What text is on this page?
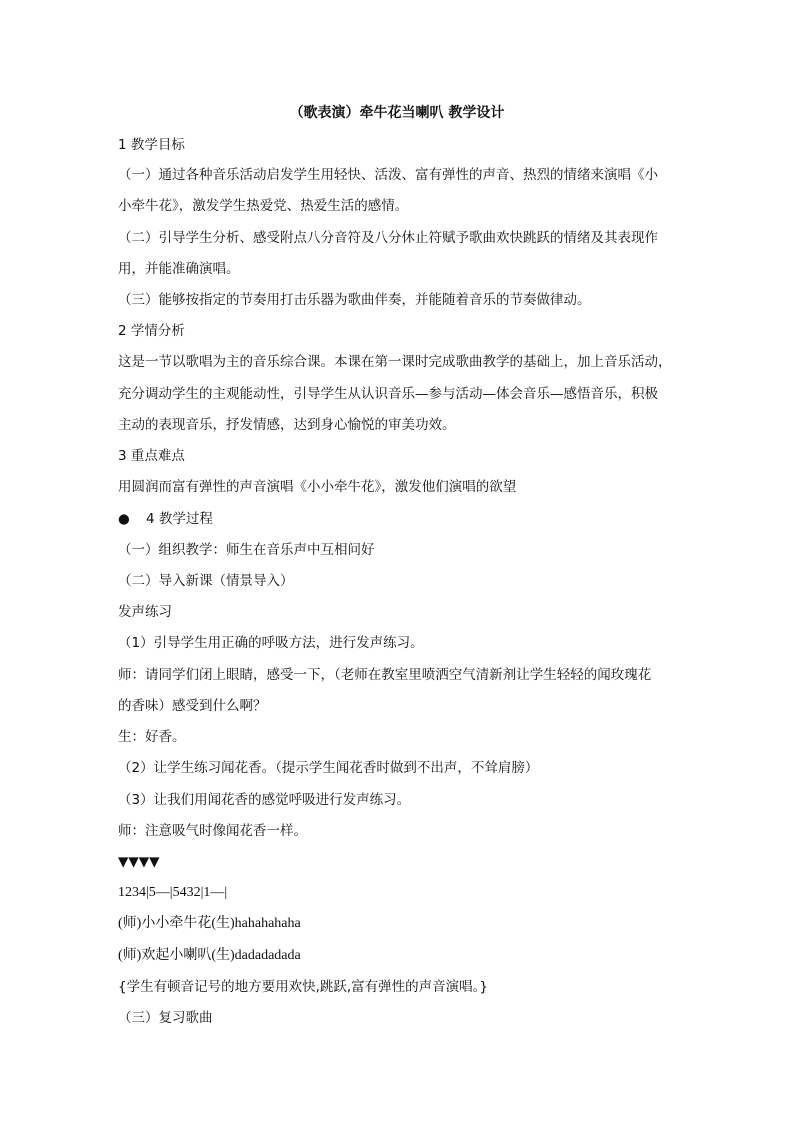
（歌表演）牵牛花当喇叭 教学设计
1 教学目标
（一）通过各种音乐活动启发学生用轻快、活泼、富有弹性的声音、热烈的情绪来演唱《小
小牵牛花》，激发学生热爱党、热爱生活的感情。
（二）引导学生分析、感受附点八分音符及八分休止符赋予歌曲欢快跳跃的情绪及其表现作
用，并能准确演唱。
（三）能够按指定的节奏用打击乐器为歌曲伴奏，并能随着音乐的节奏做律动。
2 学情分析
这是一节以歌唱为主的音乐综合课。本课在第一课时完成歌曲教学的基础上，加上音乐活动，
充分调动学生的主观能动性，引导学生从认识音乐—参与活动—体会音乐—感悟音乐，积极
主动的表现音乐，抒发情感，达到身心愉悦的审美功效。
3 重点难点
用圆润而富有弹性的声音演唱《小小牵牛花》，激发他们演唱的欲望
● 4 教学过程
（一）组织教学：师生在音乐声中互相问好
（二）导入新课（情景导入）
发声练习
（1）引导学生用正确的呼吸方法，进行发声练习。
师：请同学们闭上眼睛，感受一下，（老师在教室里喷洒空气清新剂让学生轻轻的闻玫瑰花
的香味）感受到什么啊？
生：好香。
（2）让学生练习闻花香。（提示学生闻花香时做到不出声，不耸肩膀）
（3）让我们用闻花香的感觉呼吸进行发声练习。
师：注意吸气时像闻花香一样。
▼▼▼▼
1234|5—|5432|1—|
(师)小小牵牛花(生)hahahahaha
(师)欢起小喇叭(生)dadadadada
{学生有顿音记号的地方要用欢快,跳跃,富有弹性的声音演唱。}
（三）复习歌曲
